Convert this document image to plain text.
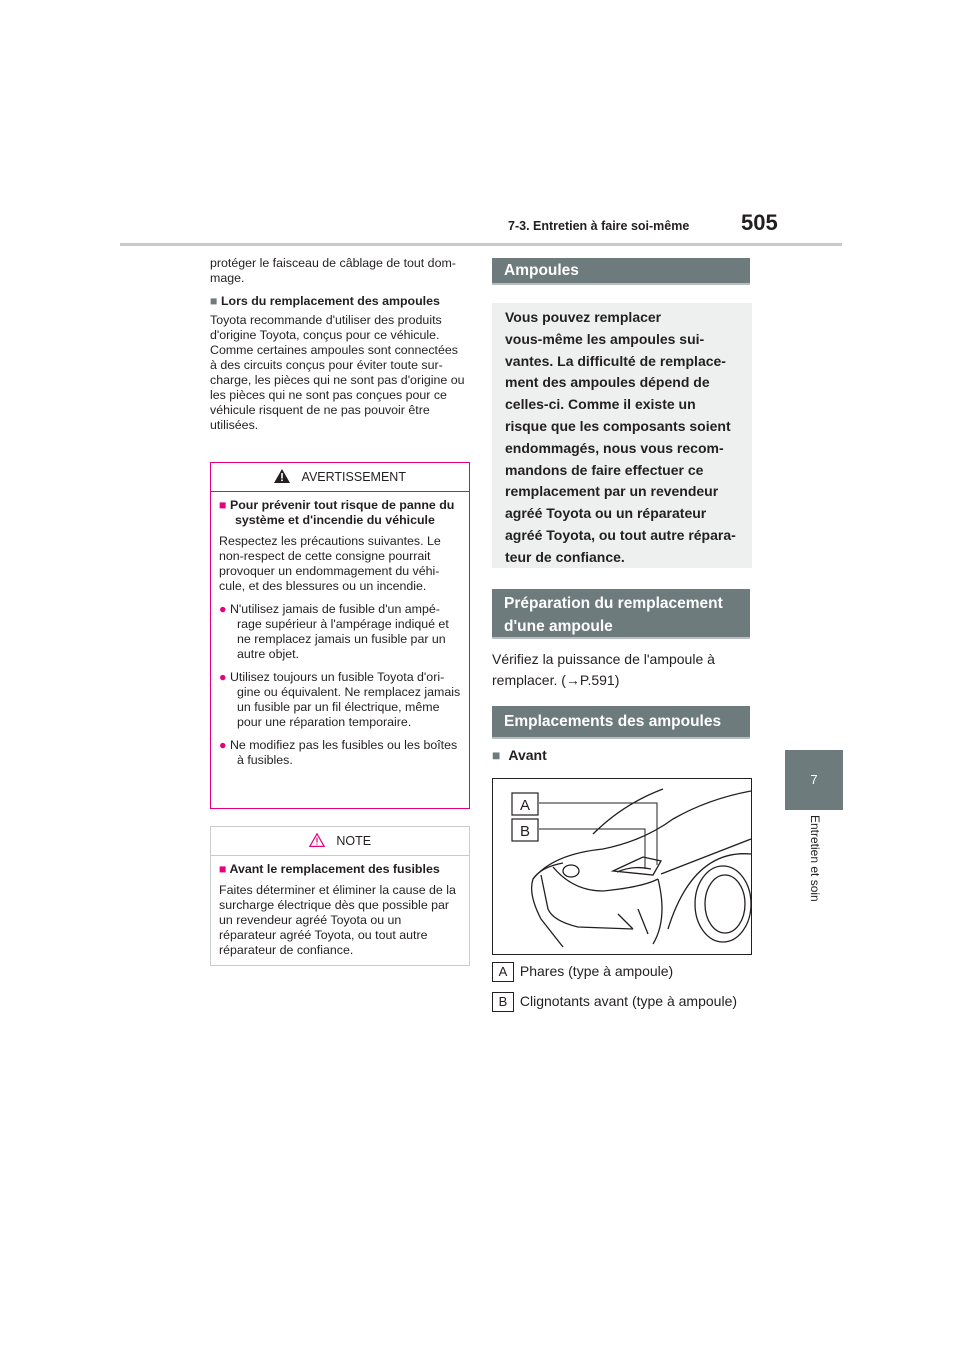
7-3. Entretien à faire soi-même 505
7
Entretien et soin

protéger le faisceau de câblage de tout dom-mage.

■ Lors du remplacement des ampoules

Toyota recommande d'utiliser des produits d'origine Toyota, conçus pour ce véhicule. Comme certaines ampoules sont connectées à des circuits conçus pour éviter toute sur-charge, les pièces qui ne sont pas d'origine ou les pièces qui ne sont pas conçues pour ce véhicule risquent de ne pas pouvoir être utilisées.

AVERTISSEMENT

■ Pour prévenir tout risque de panne du système et d'incendie du véhicule

Respectez les précautions suivantes. Le non-respect de cette consigne pourrait provoquer un endommagement du véhi-cule, et des blessures ou un incendie.

● N'utilisez jamais de fusible d'un ampé-rage supérieur à l'ampérage indiqué et ne remplacez jamais un fusible par un autre objet.

● Utilisez toujours un fusible Toyota d'ori-gine ou équivalent. Ne remplacez jamais un fusible par un fil électrique, même pour une réparation temporaire.

● Ne modifiez pas les fusibles ou les boîtes à fusibles.

NOTE

■ Avant le remplacement des fusibles

Faites déterminer et éliminer la cause de la surcharge électrique dès que possible par un revendeur agréé Toyota ou un réparateur agréé Toyota, ou tout autre réparateur de confiance.

Ampoules

Vous pouvez remplacer

vous-même les ampoules sui-

vantes. La difficulté de remplace-

ment des ampoules dépend de

celles-ci. Comme il existe un

risque que les composants soient

endommagés, nous vous recom-

mandons de faire effectuer ce

remplacement par un revendeur

agréé Toyota ou un réparateur

agréé Toyota, ou tout autre répara-

teur de confiance.

Préparation du remplacement
d'une ampoule
Vérifiez la puissance de l'ampoule à
remplacer. (→P.591)
Emplacements des ampoules
■ Avant
A
B
A Phares (type à ampoule)
B Clignotants avant (type à ampoule)
